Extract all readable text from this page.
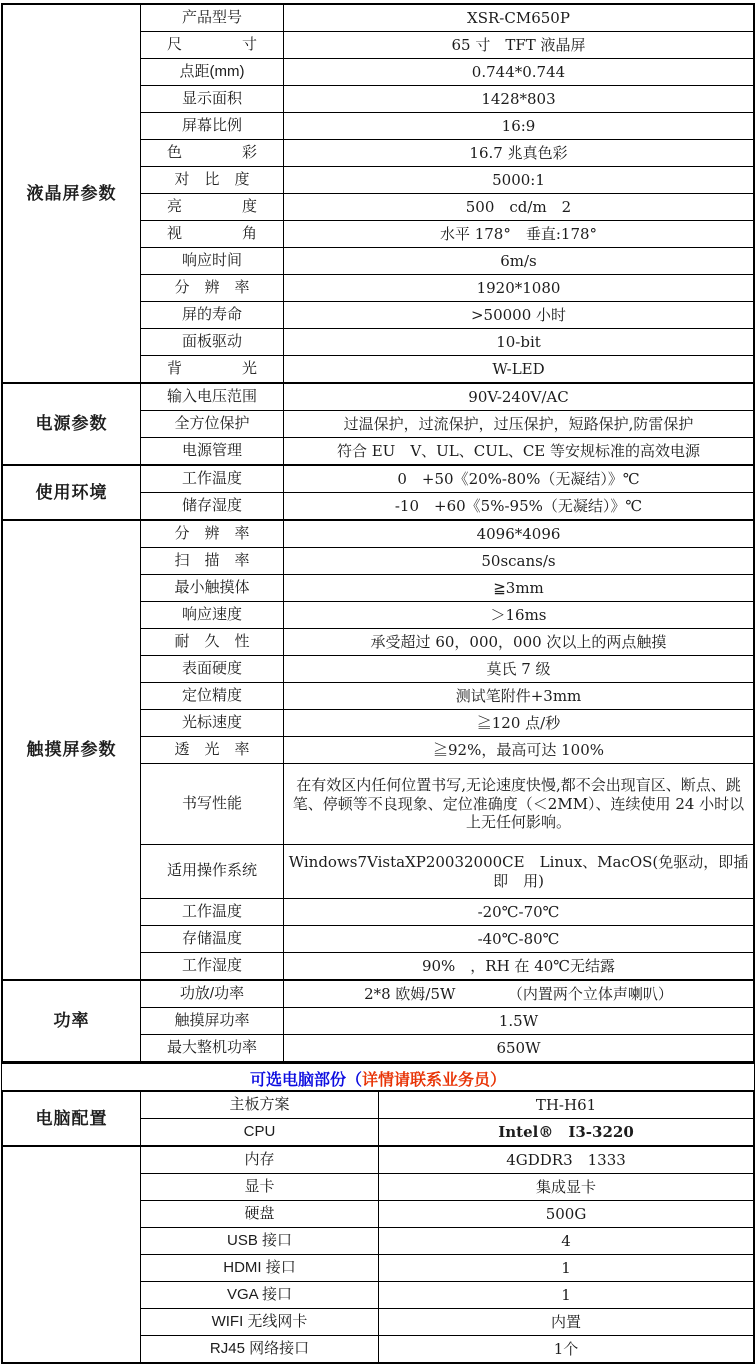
液晶屏参数	产品型号	XSR-CM650P
	尺　　　　寸	65 寸　TFT 液晶屏
	点距(mm)	0.744*0.744
	显示面积	1428*803
	屏幕比例	16:9
	色　　　　彩	16.7 兆真色彩
	对　比　度	5000:1
	亮　　　　度	500　cd/m　2
	视　　　　角	水平 178°　垂直:178°
	响应时间	6m/s
	分　辨　率	1920*1080
	屏的寿命	>50000 小时
	面板驱动	10-bit
	背　　　　光	W-LED
电源参数	输入电压范围	90V-240V/AC
	全方位保护	过温保护，过流保护，过压保护，短路保护,防雷保护
	电源管理	符合 EU　V、UL、CUL、CE 等安规标准的高效电源
使用环境	工作温度	0　+50《20%-80%（无凝结）》℃
	储存湿度	-10　+60《5%-95%（无凝结）》℃
触摸屏参数	分　辨　率	4096*4096
	扫　描　率	50scans/s
	最小触摸体	≧3mm
	响应速度	＞16ms
	耐　久　性	承受超过 60，000，000 次以上的两点触摸
	表面硬度	莫氏 7 级
	定位精度	测试笔附件+3mm
	光标速度	≧120 点/秒
	透　光　率	≧92%，最高可达 100%
	书写性能	在有效区内任何位置书写,无论速度快慢,都不会出现盲区、断点、跳笔、停顿等不良现象、定位准确度（＜2MM）、连续使用 24 小时以上无任何影响。
	适用操作系统	Windows7VistaXP20032000CE　Linux、MacOS(免驱动，即插即　用)
	工作温度	-20℃-70℃
	存储温度	-40℃-80℃
	工作湿度	90%　，RH 在 40℃无结露
功率	功放/功率	2*8 欧姆/5W　　　　（内置两个立体声喇叭）
	触摸屏功率	1.5W
	最大整机功率	650W
可选电脑部份（详情请联系业务员）
电脑配置	主板方案	TH-H61
	CPU	Intel®　I3-3220
	内存	4GDDR3　1333
	显卡	集成显卡
	硬盘	500G
	USB 接口	4
	HDMI 接口	1
	VGA 接口	1
	WIFI 无线网卡	内置
	RJ45 网络接口	1个
